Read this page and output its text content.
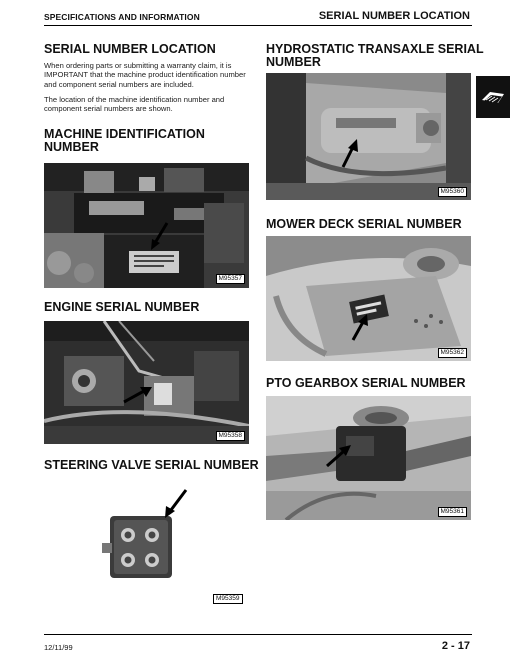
SPECIFICATIONS AND INFORMATION	SERIAL NUMBER LOCATION
SERIAL NUMBER LOCATION

When ordering parts or submitting a warranty claim, it is IMPORTANT that the machine product identification number and component serial numbers are included.

The location of the machine identification number and component serial numbers are shown.

MACHINE IDENTIFICATION
NUMBER
M95357
ENGINE SERIAL NUMBER
M95358
STEERING VALVE SERIAL NUMBER
M95359
HYDROSTATIC TRANSAXLE SERIAL
NUMBER
M95360
MOWER DECK SERIAL NUMBER
M95362
PTO GEARBOX SERIAL NUMBER
M95361
12/11/99	2 - 17
